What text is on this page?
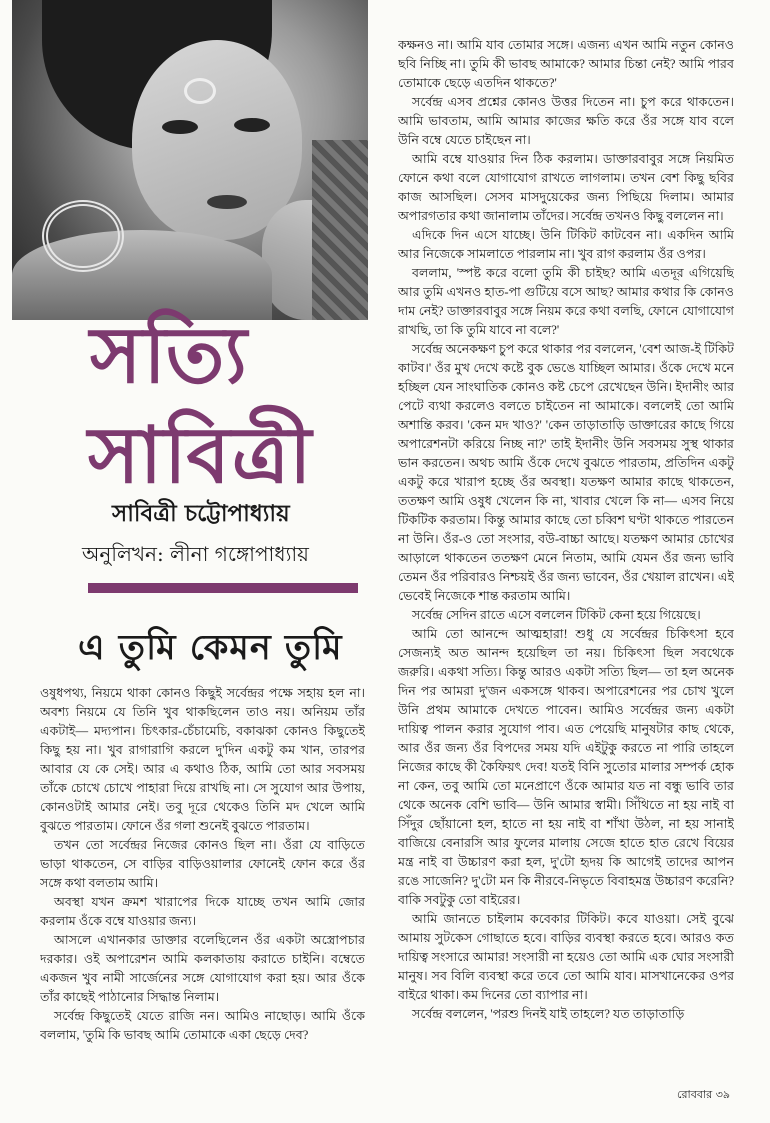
সত্যি
সাবিত্রী
সাবিত্রী চট্টোপাধ্যায়
অনুলিখন: লীনা গঙ্গোপাধ্যায়
এ তুমি কেমন তুমি

ওষুধপথ্য, নিয়মে থাকা কোনও কিছুই সর্বেন্দ্রর পক্ষে সহায় হল না। অবশ্য নিয়মে যে তিনি খুব থাকছিলেন তাও নয়। অনিয়ম তাঁর একটাই— মদ্যপান। চিৎকার-চেঁচামেচি, বকাঝকা কোনও কিছুতেই কিছু হয় না। খুব রাগারাগি করলে দু'দিন একটু কম খান, তারপর আবার যে কে সেই। আর এ কথাও ঠিক, আমি তো আর সবসময় তাঁকে চোখে চোখে পাহারা দিয়ে রাখছি না। সে সুযোগ আর উপায়, কোনওটাই আমার নেই। তবু দূরে থেকেও তিনি মদ খেলে আমি বুঝতে পারতাম। ফোনে ওঁর গলা শুনেই বুঝতে পারতাম।

তখন তো সর্বেন্দ্রর নিজের কোনও ছিল না। ওঁরা যে বাড়িতে ভাড়া থাকতেন, সে বাড়ির বাড়িওয়ালার ফোনেই ফোন করে ওঁর সঙ্গে কথা বলতাম আমি।

অবস্থা যখন ক্রমশ খারাপের দিকে যাচ্ছে তখন আমি জোর করলাম ওঁকে বম্বে যাওয়ার জন্য।

আসলে এখানকার ডাক্তার বলেছিলেন ওঁর একটা অস্ত্রোপচার দরকার। ওই অপারেশন আমি কলকাতায় করাতে চাইনি। বম্বেতে একজন খুব নামী সার্জেনের সঙ্গে যোগাযোগ করা হয়। আর ওঁকে তাঁর কাছেই পাঠানোর সিদ্ধান্ত নিলাম।

সর্বেন্দ্র কিছুতেই যেতে রাজি নন। আমিও নাছোড়। আমি ওঁকে বললাম, 'তুমি কি ভাবছ আমি তোমাকে একা ছেড়ে দেব?

কক্ষনও না। আমি যাব তোমার সঙ্গে। এজন্য এখন আমি নতুন কোনও ছবি নিচ্ছি না। তুমি কী ভাবছ আমাকে? আমার চিন্তা নেই? আমি পারব তোমাকে ছেড়ে এতদিন থাকতে?'

সর্বেন্দ্র এসব প্রশ্নের কোনও উত্তর দিতেন না। চুপ করে থাকতেন। আমি ভাবতাম, আমি আমার কাজের ক্ষতি করে ওঁর সঙ্গে যাব বলে উনি বম্বে যেতে চাইছেন না।

আমি বম্বে যাওয়ার দিন ঠিক করলাম। ডাক্তারবাবুর সঙ্গে নিয়মিত ফোনে কথা বলে যোগাযোগ রাখতে লাগলাম। তখন বেশ কিছু ছবির কাজ আসছিল। সেসব মাসদুয়েকের জন্য পিছিয়ে দিলাম। আমার অপারগতার কথা জানালাম তাঁদের। সর্বেন্দ্র তখনও কিছু বললেন না।

এদিকে দিন এসে যাচ্ছে। উনি টিকিট কাটবেন না। একদিন আমি আর নিজেকে সামলাতে পারলাম না। খুব রাগ করলাম ওঁর ওপর।

বললাম, 'স্পষ্ট করে বলো তুমি কী চাইছ? আমি এতদূর এগিয়েছি আর তুমি এখনও হাত-পা গুটিয়ে বসে আছ? আমার কথার কি কোনও দাম নেই? ডাক্তারবাবুর সঙ্গে নিয়ম করে কথা বলছি, ফোনে যোগাযোগ রাখছি, তা কি তুমি যাবে না বলে?'

সর্বেন্দ্র অনেকক্ষণ চুপ করে থাকার পর বললেন, 'বেশ আজ-ই টিকিট কাটব।' ওঁর মুখ দেখে কষ্টে বুক ভেঙে যাচ্ছিল আমার। ওঁকে দেখে মনে হচ্ছিল যেন সাংঘাতিক কোনও কষ্ট চেপে রেখেছেন উনি। ইদানীং আর পেটে ব্যথা করলেও বলতে চাইতেন না আমাকে। বললেই তো আমি অশান্তি করব। 'কেন মদ খাও?' 'কেন তাড়াতাড়ি ডাক্তারের কাছে গিয়ে অপারেশনটা করিয়ে নিচ্ছ না?' তাই ইদানীং উনি সবসময় সুস্থ থাকার ভান করতেন। অথচ আমি ওঁকে দেখে বুঝতে পারতাম, প্রতিদিন একটু একটু করে খারাপ হচ্ছে ওঁর অবস্থা। যতক্ষণ আমার কাছে থাকতেন, ততক্ষণ আমি ওষুধ খেলেন কি না, খাবার খেলে কি না— এসব নিয়ে টিকটিক করতাম। কিন্তু আমার কাছে তো চব্বিশ ঘণ্টা থাকতে পারতেন না উনি। ওঁর-ও তো সংসার, বউ-বাচ্চা আছে। যতক্ষণ আমার চোখের আড়ালে থাকতেন ততক্ষণ মেনে নিতাম, আমি যেমন ওঁর জন্য ভাবি তেমন ওঁর পরিবারও নিশ্চয়ই ওঁর জন্য ভাবেন, ওঁর খেয়াল রাখেন। এই ভেবেই নিজেকে শান্ত করতাম আমি।

সর্বেন্দ্র সেদিন রাতে এসে বললেন টিকিট কেনা হয়ে গিয়েছে।

আমি তো আনন্দে আত্মহারা! শুধু যে সর্বেন্দ্রর চিকিৎসা হবে সেজন্যই অত আনন্দ হয়েছিল তা নয়। চিকিৎসা ছিল সবথেকে জরুরি। একথা সত্যি। কিন্তু আরও একটা সত্যি ছিল— তা হল অনেক দিন পর আমরা দু'জন একসঙ্গে থাকব। অপারেশনের পর চোখ খুলে উনি প্রথম আমাকে দেখতে পাবেন। আমিও সর্বেন্দ্রর জন্য একটা দায়িত্ব পালন করার সুযোগ পাব। এত পেয়েছি মানুষটার কাছ থেকে, আর ওঁর জন্য ওঁর বিপদের সময় যদি এইটুকু করতে না পারি তাহলে নিজের কাছে কী কৈফিয়ৎ দেব! যতই বিনি সুতোর মালার সম্পর্ক হোক না কেন, তবু আমি তো মনেপ্রাণে ওঁকে আমার যত না বন্ধু ভাবি তার থেকে অনেক বেশি ভাবি— উনি আমার স্বামী। সিঁথিতে না হয় নাই বা সিঁদুর ছোঁয়ানো হল, হাতে না হয় নাই বা শাঁখা উঠল, না হয় সানাই বাজিয়ে বেনারসি আর ফুলের মালায় সেজে হাতে হাত রেখে বিয়ের মন্ত্র নাই বা উচ্চারণ করা হল, দু'টো হৃদয় কি আগেই তাদের আপন রঙে সাজেনি? দু'টো মন কি নীরবে-নিভৃতে বিবাহমন্ত্র উচ্চারণ করেনি? বাকি সবটুকু তো বাইরের।

আমি জানতে চাইলাম কবেকার টিকিট। কবে যাওয়া। সেই বুঝে আমায় সুটকেস গোছাতে হবে। বাড়ির ব্যবস্থা করতে হবে। আরও কত দায়িত্ব সংসারে আমার! সংসারী না হয়েও তো আমি এক ঘোর সংসারী মানুষ। সব বিলি ব্যবস্থা করে তবে তো আমি যাব। মাসখানেকের ওপর বাইরে থাকা। কম দিনের তো ব্যাপার না।

সর্বেন্দ্র বললেন, 'পরশু দিনই যাই তাহলে? যত তাড়াতাড়ি

রোববার ৩৯
